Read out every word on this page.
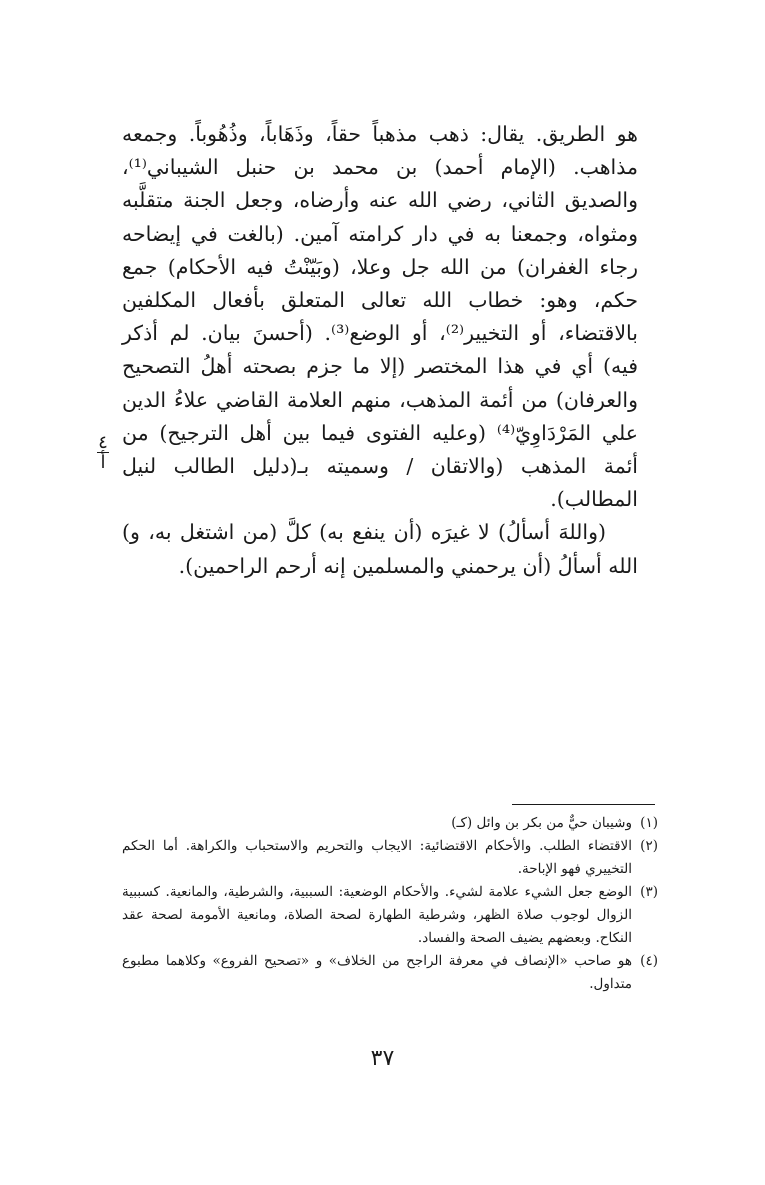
هو الطريق. يقال: ذهب مذهباً حقاً، وذَهَاباً، وذُهُوباً. وجمعه مذاهب. (الإمام أحمد) بن محمد بن حنبل الشيباني⁽¹⁾، والصديق الثاني، رضي الله عنه وأرضاه، وجعل الجنة متقلَّبه ومثواه، وجمعنا به في دار كرامته آمين. (بالغت في إيضاحه رجاء الغفران) من الله جل وعلا، (وبَيّنْتُ فيه الأحكام) جمع حكم، وهو: خطاب الله تعالى المتعلق بأفعال المكلفين بالاقتضاء، أو التخيير⁽²⁾، أو الوضع⁽³⁾. (أحسنَ بيان. لم أذكر فيه) أي في هذا المختصر (إلا ما جزم بصحته أهلُ التصحيح والعرفان) من أئمة المذهب، منهم العلامة القاضي علاءُ الدين علي المَرْدَاوِيّ⁽⁴⁾ (وعليه الفتوى فيما بين أهل الترجيح) من أئمة المذهب (والاتقان / وسميته بـ(دليل الطالب لنيل المطالب).

(واللهَ أسألُ) لا غيرَه (أن ينفع به) كلَّ (من اشتغل به، و) الله أسألُ (أن يرحمني والمسلمين إنه أرحم الراحمين).

٤
أ
(١)
وشيبان حيٌّ من بكر بن وائل (كـ)
(٢)
الاقتضاء الطلب. والأحكام الاقتضائية: الايجاب والتحريم والاستحباب والكراهة. أما الحكم التخييري فهو الإباحة.
(٣)
الوضع جعل الشيء علامة لشيء. والأحكام الوضعية: السببية، والشرطية، والمانعية. كسببية الزوال لوجوب صلاة الظهر، وشرطية الطهارة لصحة الصلاة، ومانعية الأمومة لصحة عقد النكاح. وبعضهم يضيف الصحة والفساد.
(٤)
هو صاحب «الإنصاف في معرفة الراجح من الخلاف» و «تصحيح الفروع» وكلاهما مطبوع متداول.
٣٧
